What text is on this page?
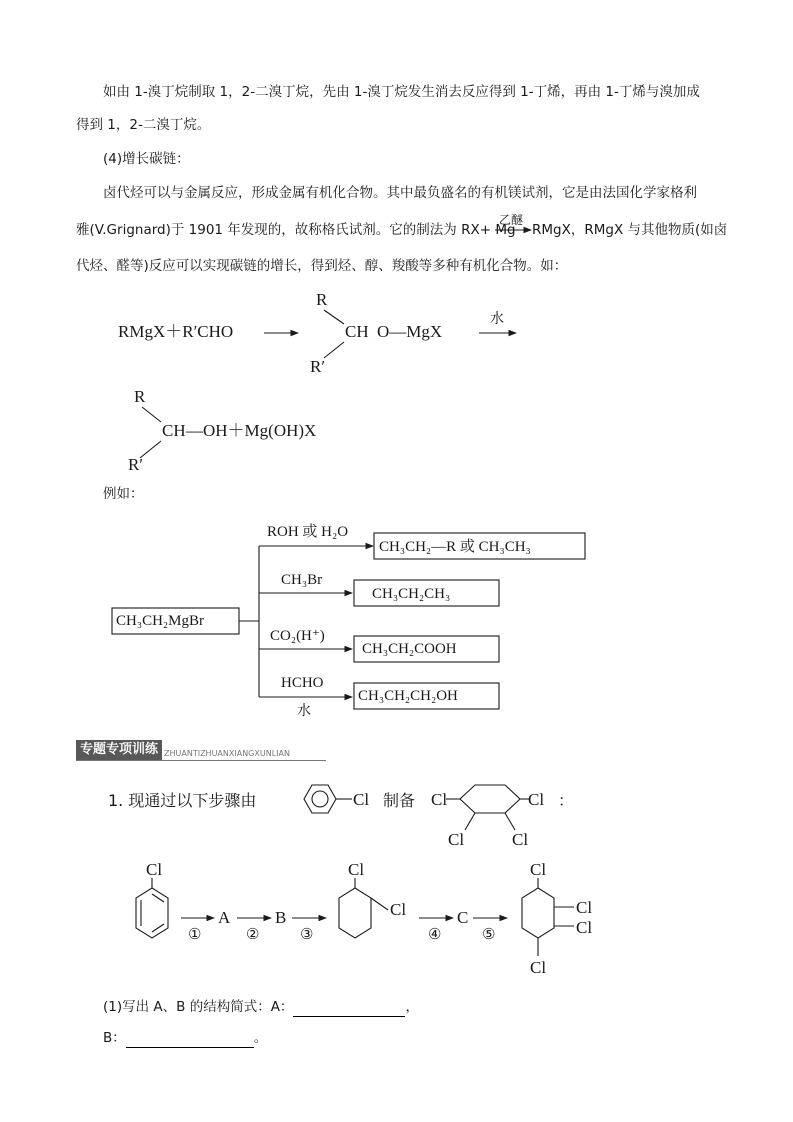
如由 1-溴丁烷制取 1，2-二溴丁烷，先由 1-溴丁烷发生消去反应得到 1-丁烯，再由 1-丁烯与溴加成
得到 1，2-二溴丁烷。
(4)增长碳链：
卤代烃可以与金属反应，形成金属有机化合物。其中最负盛名的有机镁试剂，它是由法国化学家格利
雅(V.Grignard)于 1901 年发现的，故称格氏试剂。它的制法为 RX+ Mg
乙醚
RMgX，RMgX 与其他物质(如卤
代烃、醛等)反应可以实现碳链的增长，得到烃、醇、羧酸等多种有机化合物。如：
例如：
RMgX＋R′CHO
R
CH O—MgX
R′
水
R
CH —OH＋Mg(OH)X
R′
CH₃CH₂MgBr
ROH 或 H₂O
CH₃CH₂—R 或 CH₃CH₃
CH₃Br
CH₃CH₂CH₃
CO₂(H⁺)
CH₃CH₂COOH
HCHO
水
CH₃CH₂CH₂OH
专题专项训练 ZHUANTIZHUANXIANGXUNLIAN
1. 现通过以下步骤由	Cl 制备 Cl	Cl ：
Cl	Cl
Cl
①
A
②
B
③
Cl
Cl
④
C
⑤
Cl
Cl
Cl
Cl
(1)写出 A、B 的结构简式：A：	，
B：	。
